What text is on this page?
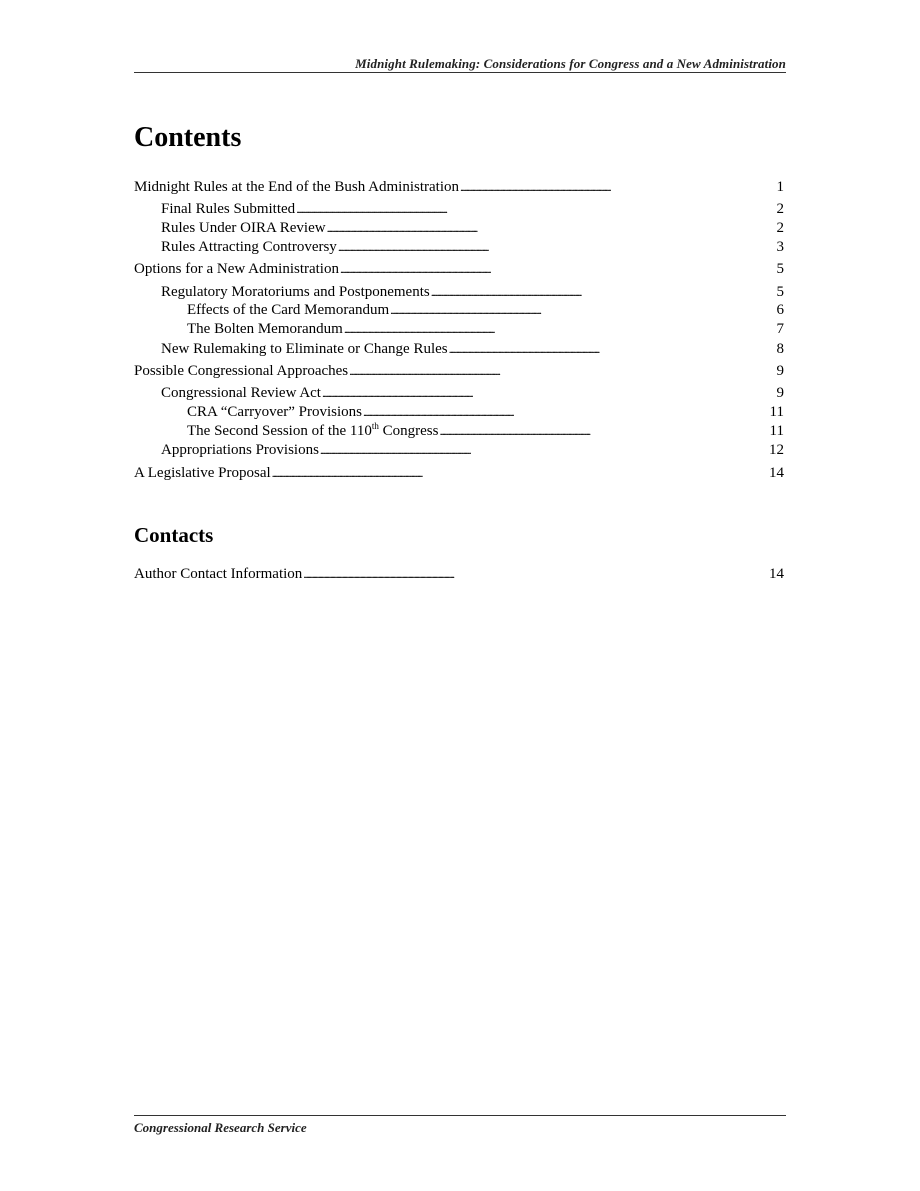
Midnight Rulemaking: Considerations for Congress and a New Administration
Contents
Midnight Rules at the End of the Bush Administration . . .	1
Final Rules Submitted . . .	2
Rules Under OIRA Review . . .	2
Rules Attracting Controversy . . .	3
Options for a New Administration . . .	5
Regulatory Moratoriums and Postponements . . .	5
Effects of the Card Memorandum . . .	6
The Bolten Memorandum . . .	7
New Rulemaking to Eliminate or Change Rules . . .	8
Possible Congressional Approaches . . .	9
Congressional Review Act . . .	9
CRA “Carryover” Provisions . . .	11
The Second Session of the 110th Congress . . .	11
Appropriations Provisions . . .	12
A Legislative Proposal . . .	14
Contacts
Author Contact Information . . .	14
Congressional Research Service
